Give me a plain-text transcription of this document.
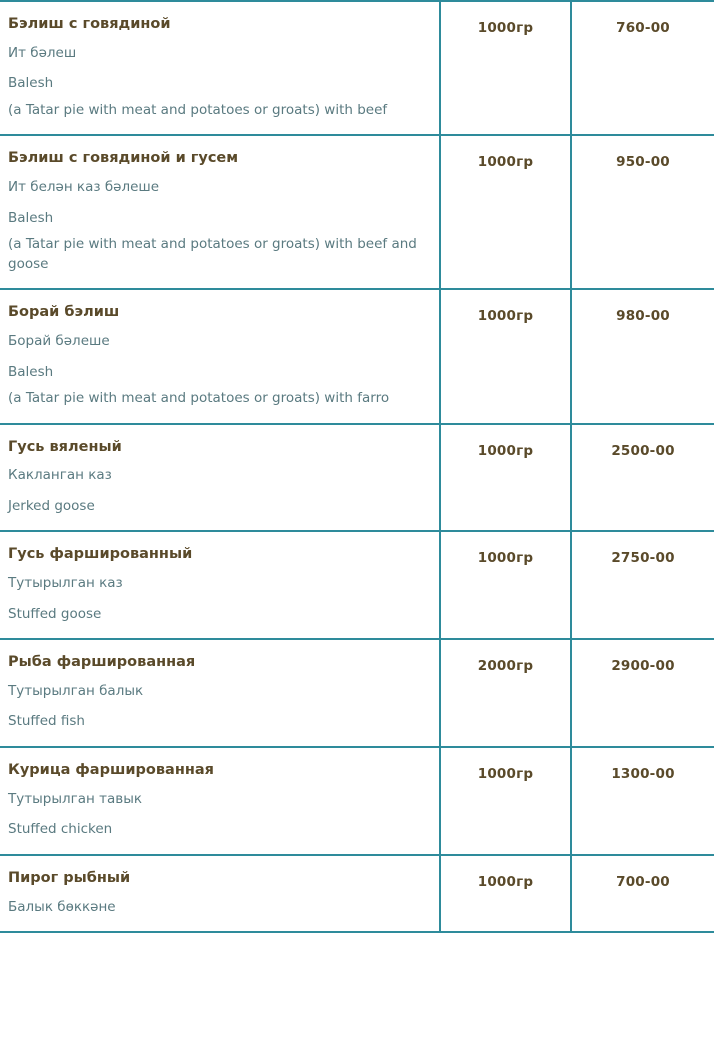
Бэлиш с говядиной
Ит бәлеш
Balesh
(a Tatar pie with meat and potatoes or groats) with beef	1000гр	760-00

Бэлиш с говядиной и гусем
Ит белән каз бәлеше
Balesh
(a Tatar pie with meat and potatoes or groats) with beef and goose	1000гр	950-00

Борай бэлиш
Борай бәлеше
Balesh
(a Tatar pie with meat and potatoes or groats) with farro	1000гр	980-00

Гусь вяленый
Какланган каз
Jerked goose	1000гр	2500-00

Гусь фаршированный
Тутырылган каз
Stuffed goose	1000гр	2750-00

Рыба фаршированная
Тутырылган балык
Stuffed fish	2000гр	2900-00

Курица фаршированная
Тутырылган тавык
Stuffed chicken	1000гр	1300-00

Пирог рыбный
Балык бөккәне	1000гр	700-00
